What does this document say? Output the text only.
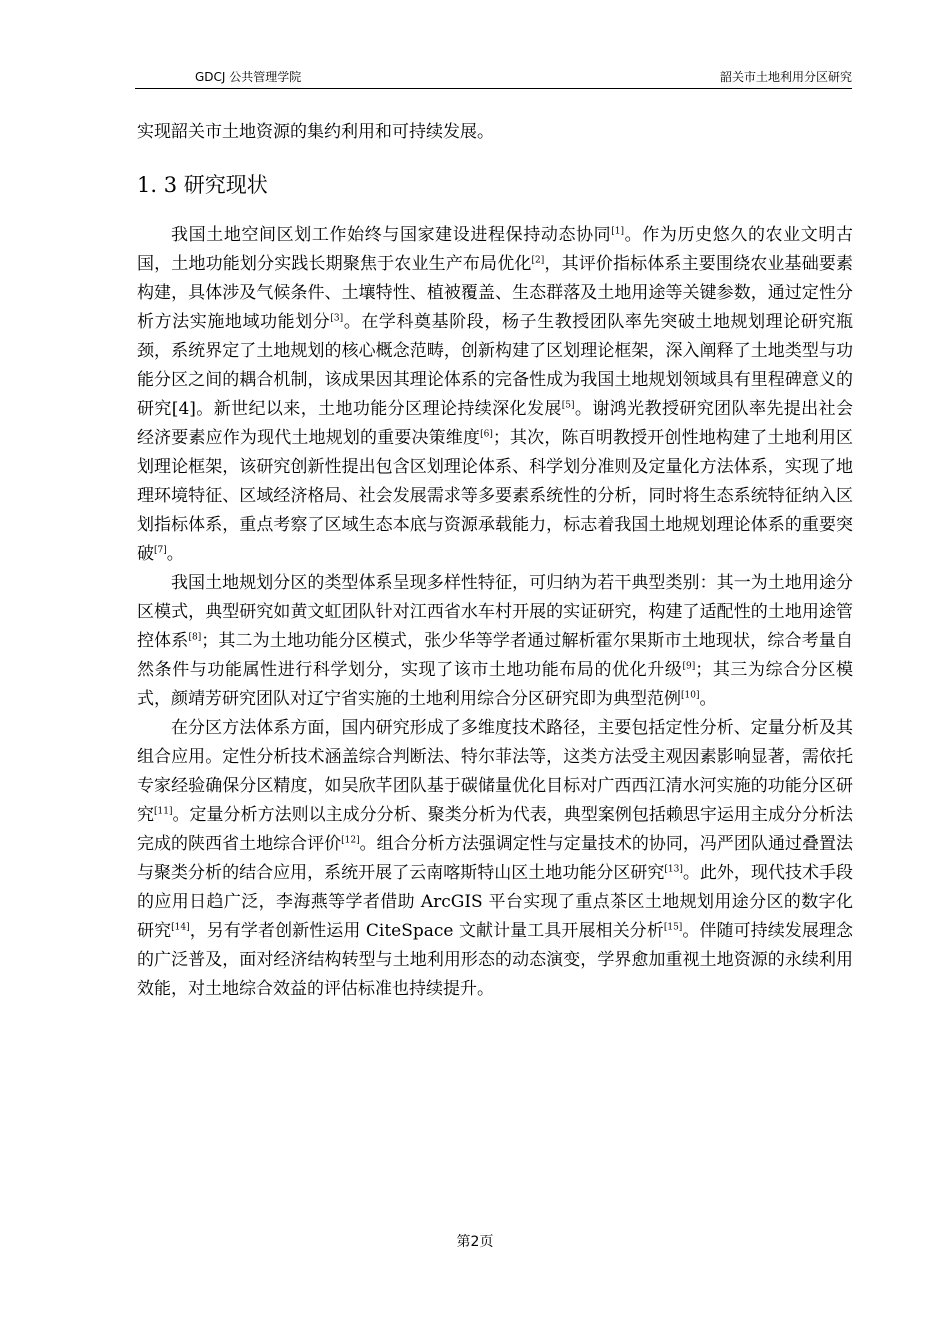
GDCJ 公共管理学院	韶关市土地利用分区研究

实现韶关市土地资源的集约利用和可持续发展。

1. 3 研究现状

我国土地空间区划工作始终与国家建设进程保持动态协同[1]。作为历史悠久的农业文明古国，土地功能划分实践长期聚焦于农业生产布局优化[2]，其评价指标体系主要围绕农业基础要素构建，具体涉及气候条件、土壤特性、植被覆盖、生态群落及土地用途等关键参数，通过定性分析方法实施地域功能划分[3]。在学科奠基阶段，杨子生教授团队率先突破土地规划理论研究瓶颈，系统界定了土地规划的核心概念范畴，创新构建了区划理论框架，深入阐释了土地类型与功能分区之间的耦合机制，该成果因其理论体系的完备性成为我国土地规划领域具有里程碑意义的研究[4]。新世纪以来，土地功能分区理论持续深化发展[5]。谢鸿光教授研究团队率先提出社会经济要素应作为现代土地规划的重要决策维度[6]；其次，陈百明教授开创性地构建了土地利用区划理论框架，该研究创新性提出包含区划理论体系、科学划分准则及定量化方法体系，实现了地理环境特征、区域经济格局、社会发展需求等多要素系统性的分析，同时将生态系统特征纳入区划指标体系，重点考察了区域生态本底与资源承载能力，标志着我国土地规划理论体系的重要突破[7]。

我国土地规划分区的类型体系呈现多样性特征，可归纳为若干典型类别：其一为土地用途分区模式，典型研究如黄文虹团队针对江西省水车村开展的实证研究，构建了适配性的土地用途管控体系[8]；其二为土地功能分区模式，张少华等学者通过解析霍尔果斯市土地现状，综合考量自然条件与功能属性进行科学划分，实现了该市土地功能布局的优化升级[9]；其三为综合分区模式，颜靖芳研究团队对辽宁省实施的土地利用综合分区研究即为典型范例[10]。

在分区方法体系方面，国内研究形成了多维度技术路径，主要包括定性分析、定量分析及其组合应用。定性分析技术涵盖综合判断法、特尔菲法等，这类方法受主观因素影响显著，需依托专家经验确保分区精度，如吴欣芊团队基于碳储量优化目标对广西西江清水河实施的功能分区研究[11]。定量分析方法则以主成分分析、聚类分析为代表，典型案例包括赖思宇运用主成分分析法完成的陕西省土地综合评价[12]。组合分析方法强调定性与定量技术的协同，冯严团队通过叠置法与聚类分析的结合应用，系统开展了云南喀斯特山区土地功能分区研究[13]。此外，现代技术手段的应用日趋广泛，李海燕等学者借助 ArcGIS 平台实现了重点茶区土地规划用途分区的数字化研究[14]，另有学者创新性运用 CiteSpace 文献计量工具开展相关分析[15]。伴随可持续发展理念的广泛普及，面对经济结构转型与土地利用形态的动态演变，学界愈加重视土地资源的永续利用效能，对土地综合效益的评估标准也持续提升。

第2页
